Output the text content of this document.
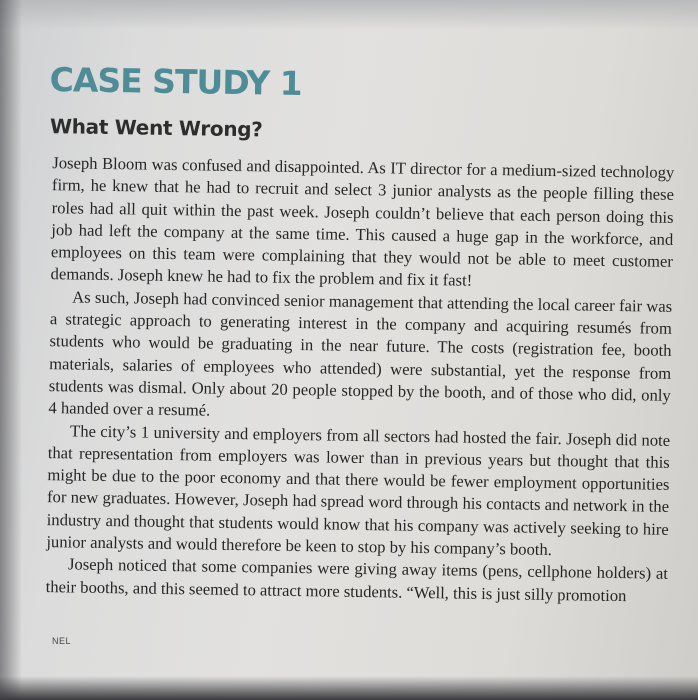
CASE STUDY 1
What Went Wrong?

Joseph Bloom was confused and disappointed. As IT director for a medium-sized technology firm, he knew that he had to recruit and select 3 junior analysts as the people filling these roles had all quit within the past week. Joseph couldn’t believe that each person doing this job had left the company at the same time. This caused a huge gap in the workforce, and employees on this team were complaining that they would not be able to meet customer demands. Joseph knew he had to fix the problem and fix it fast!

As such, Joseph had convinced senior management that attending the local career fair was a strategic approach to generating interest in the company and acquiring resumés from students who would be graduating in the near future. The costs (registration fee, booth materials, salaries of employees who attended) were substantial, yet the response from students was dismal. Only about 20 people stopped by the booth, and of those who did, only 4 handed over a resumé.

The city’s 1 university and employers from all sectors had hosted the fair. Joseph did note that representation from employers was lower than in previous years but thought that this might be due to the poor economy and that there would be fewer employment opportunities for new graduates. However, Joseph had spread word through his contacts and network in the industry and thought that students would know that his company was actively seeking to hire junior analysts and would therefore be keen to stop by his company’s booth.

Joseph noticed that some companies were giving away items (pens, cellphone holders) at their booths, and this seemed to attract more students. “Well, this is just silly promotion

NEL
